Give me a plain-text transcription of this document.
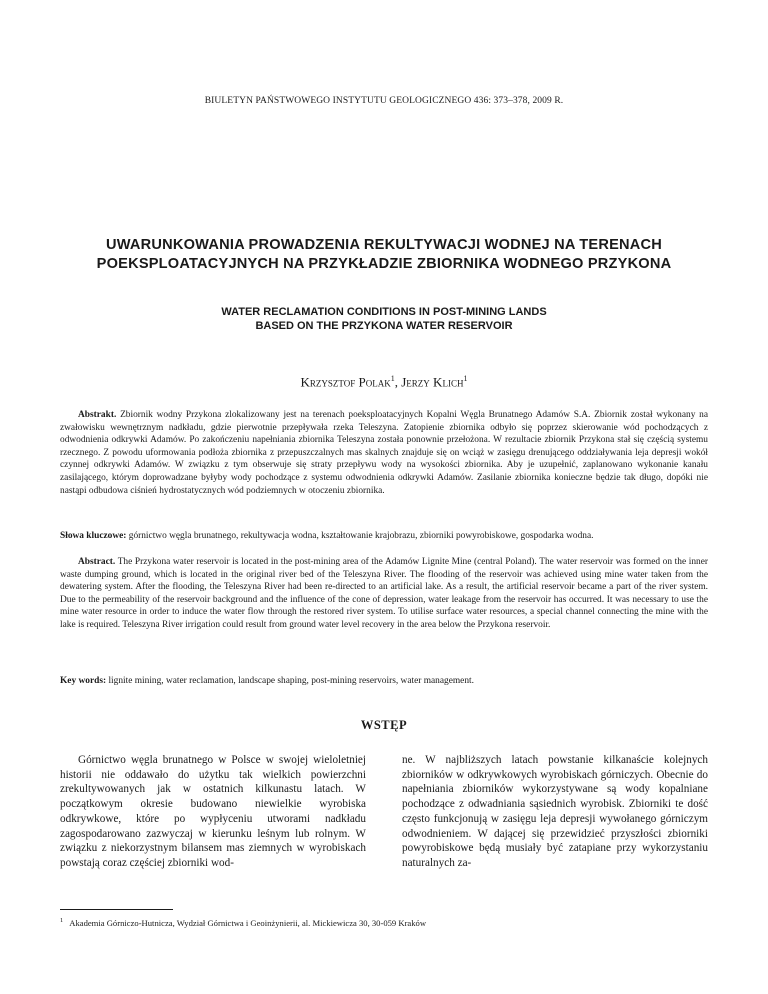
BIULETYN PAŃSTWOWEGO INSTYTUTU GEOLOGICZNEGO 436: 373–378, 2009 R.
UWARUNKOWANIA PROWADZENIA REKULTYWACJI WODNEJ NA TERENACH
POEKSPLOATACYJNYCH NA PRZYKŁADZIE ZBIORNIKA WODNEGO PRZYKONA
WATER RECLAMATION CONDITIONS IN POST-MINING LANDS
BASED ON THE PRZYKONA WATER RESERVOIR
Krzysztof Polak$^1$, Jerzy Klich$^1$

Abstrakt. Zbiornik wodny Przykona zlokalizowany jest na terenach poeksploatacyjnych Kopalni Węgla Brunatnego Adamów S.A. Zbiornik został wykonany na zwałowisku wewnętrznym nadkładu, gdzie pierwotnie przepływała rzeka Teleszyna. Zatopienie zbiornika odbyło się poprzez skierowanie wód pochodzących z odwodnienia odkrywki Adamów. Po zakończeniu napełniania zbiornika Teleszyna została ponownie przełożona. W rezultacie zbiornik Przykona stał się częścią systemu rzecznego. Z powodu uformowania podłoża zbiornika z przepuszczalnych mas skalnych znajduje się on wciąż w zasięgu drenującego oddziaływania leja depresji wokół czynnej odkrywki Adamów. W związku z tym obserwuje się straty przepływu wody na wysokości zbiornika. Aby je uzupełnić, zaplanowano wykonanie kanału zasilającego, którym doprowadzane byłyby wody pochodzące z systemu odwodnienia odkrywki Adamów. Zasilanie zbiornika konieczne będzie tak długo, dopóki nie nastąpi odbudowa ciśnień hydrostatycznych wód podziemnych w otoczeniu zbiornika.

Słowa kluczowe: górnictwo węgla brunatnego, rekultywacja wodna, kształtowanie krajobrazu, zbiorniki powyrobiskowe, gospodarka wodna.

Abstract. The Przykona water reservoir is located in the post-mining area of the Adamów Lignite Mine (central Poland). The water reservoir was formed on the inner waste dumping ground, which is located in the original river bed of the Teleszyna River. The flooding of the reservoir was achieved using mine water taken from the dewatering system. After the flooding, the Teleszyna River had been re-directed to an artificial lake. As a result, the artificial reservoir became a part of the river system. Due to the permeability of the reservoir background and the influence of the cone of depression, water leakage from the reservoir has occurred. It was necessary to use the mine water resource in order to induce the water flow through the restored river system. To utilise surface water resources, a special channel connecting the mine with the lake is required. Teleszyna River irrigation could result from ground water level recovery in the area below the Przykona reservoir.

Key words: lignite mining, water reclamation, landscape shaping, post-mining reservoirs, water management.

WSTĘP

Górnictwo węgla brunatnego w Polsce w swojej wieloletniej historii nie oddawało do użytku tak wielkich powierzchni zrekultywowanych jak w ostatnich kilkunastu latach. W początkowym okresie budowano niewielkie wyrobiska odkrywkowe, które po wypłyceniu utworami nadkładu zagospodarowano zazwyczaj w kierunku leśnym lub rolnym. W związku z niekorzystnym bilansem mas ziemnych w wyrobiskach powstają coraz częściej zbiorniki wod-

ne. W najbliższych latach powstanie kilkanaście kolejnych zbiorników w odkrywkowych wyrobiskach górniczych. Obecnie do napełniania zbiorników wykorzystywane są wody kopalniane pochodzące z odwadniania sąsiednich wyrobisk. Zbiorniki te dość często funkcjonują w zasięgu leja depresji wywołanego górniczym odwodnieniem. W dającej się przewidzieć przyszłości zbiorniki powyrobiskowe będą musiały być zatapiane przy wykorzystaniu naturalnych za-

$^1$ Akademia Górniczo-Hutnicza, Wydział Górnictwa i Geoinżynierii, al. Mickiewicza 30, 30-059 Kraków
